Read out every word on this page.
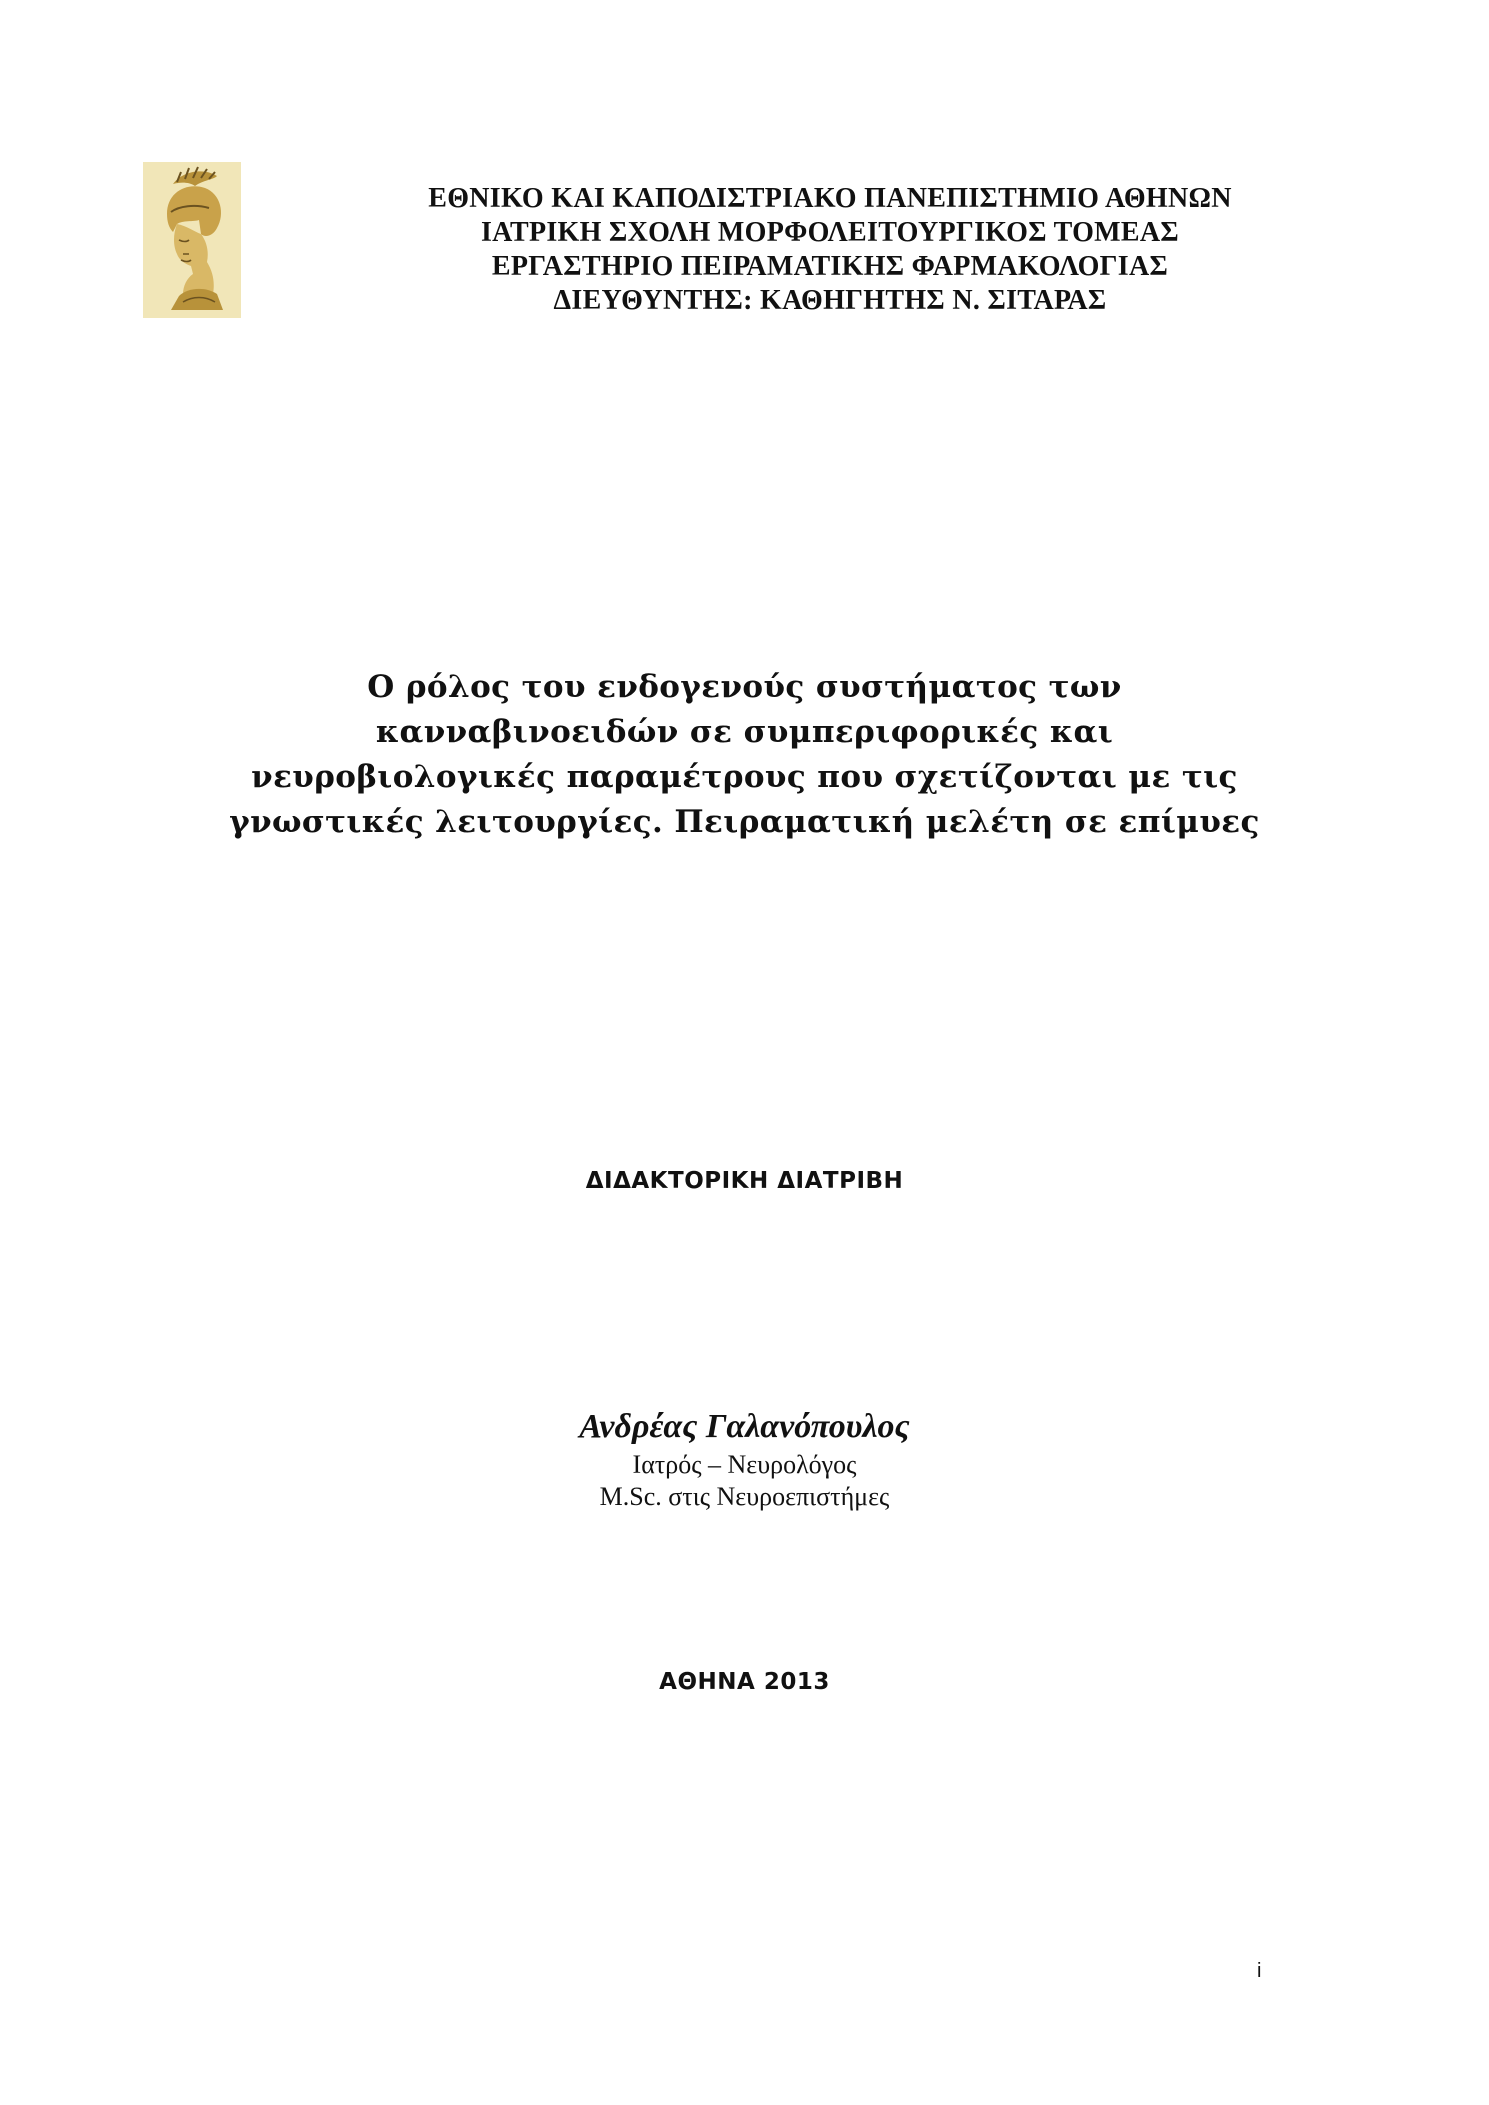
ΕΘΝΙΚΟ ΚΑΙ ΚΑΠΟΔΙΣΤΡΙΑΚΟ ΠΑΝΕΠΙΣΤΗΜΙΟ ΑΘΗΝΩΝ
ΙΑΤΡΙΚΗ ΣΧΟΛΗ ΜΟΡΦΟΛΕΙΤΟΥΡΓΙΚΟΣ ΤΟΜΕΑΣ
ΕΡΓΑΣΤΗΡΙΟ ΠΕΙΡΑΜΑΤΙΚΗΣ ΦΑΡΜΑΚΟΛΟΓΙΑΣ
ΔΙΕΥΘΥΝΤΗΣ: ΚΑΘΗΓΗΤΗΣ Ν. ΣΙΤΑΡΑΣ
Ο ρόλος του ενδογενούς συστήματος των
κανναβινοειδών σε συμπεριφορικές και
νευροβιολογικές παραμέτρους που σχετίζονται με τις
γνωστικές λειτουργίες. Πειραματική μελέτη σε επίμυες
ΔΙΔΑΚΤΟΡΙΚΗ ΔΙΑΤΡΙΒΗ
Ανδρέας Γαλανόπουλος
Ιατρός – Νευρολόγος
M.Sc. στις Νευροεπιστήμες
ΑΘΗΝΑ 2013
i
